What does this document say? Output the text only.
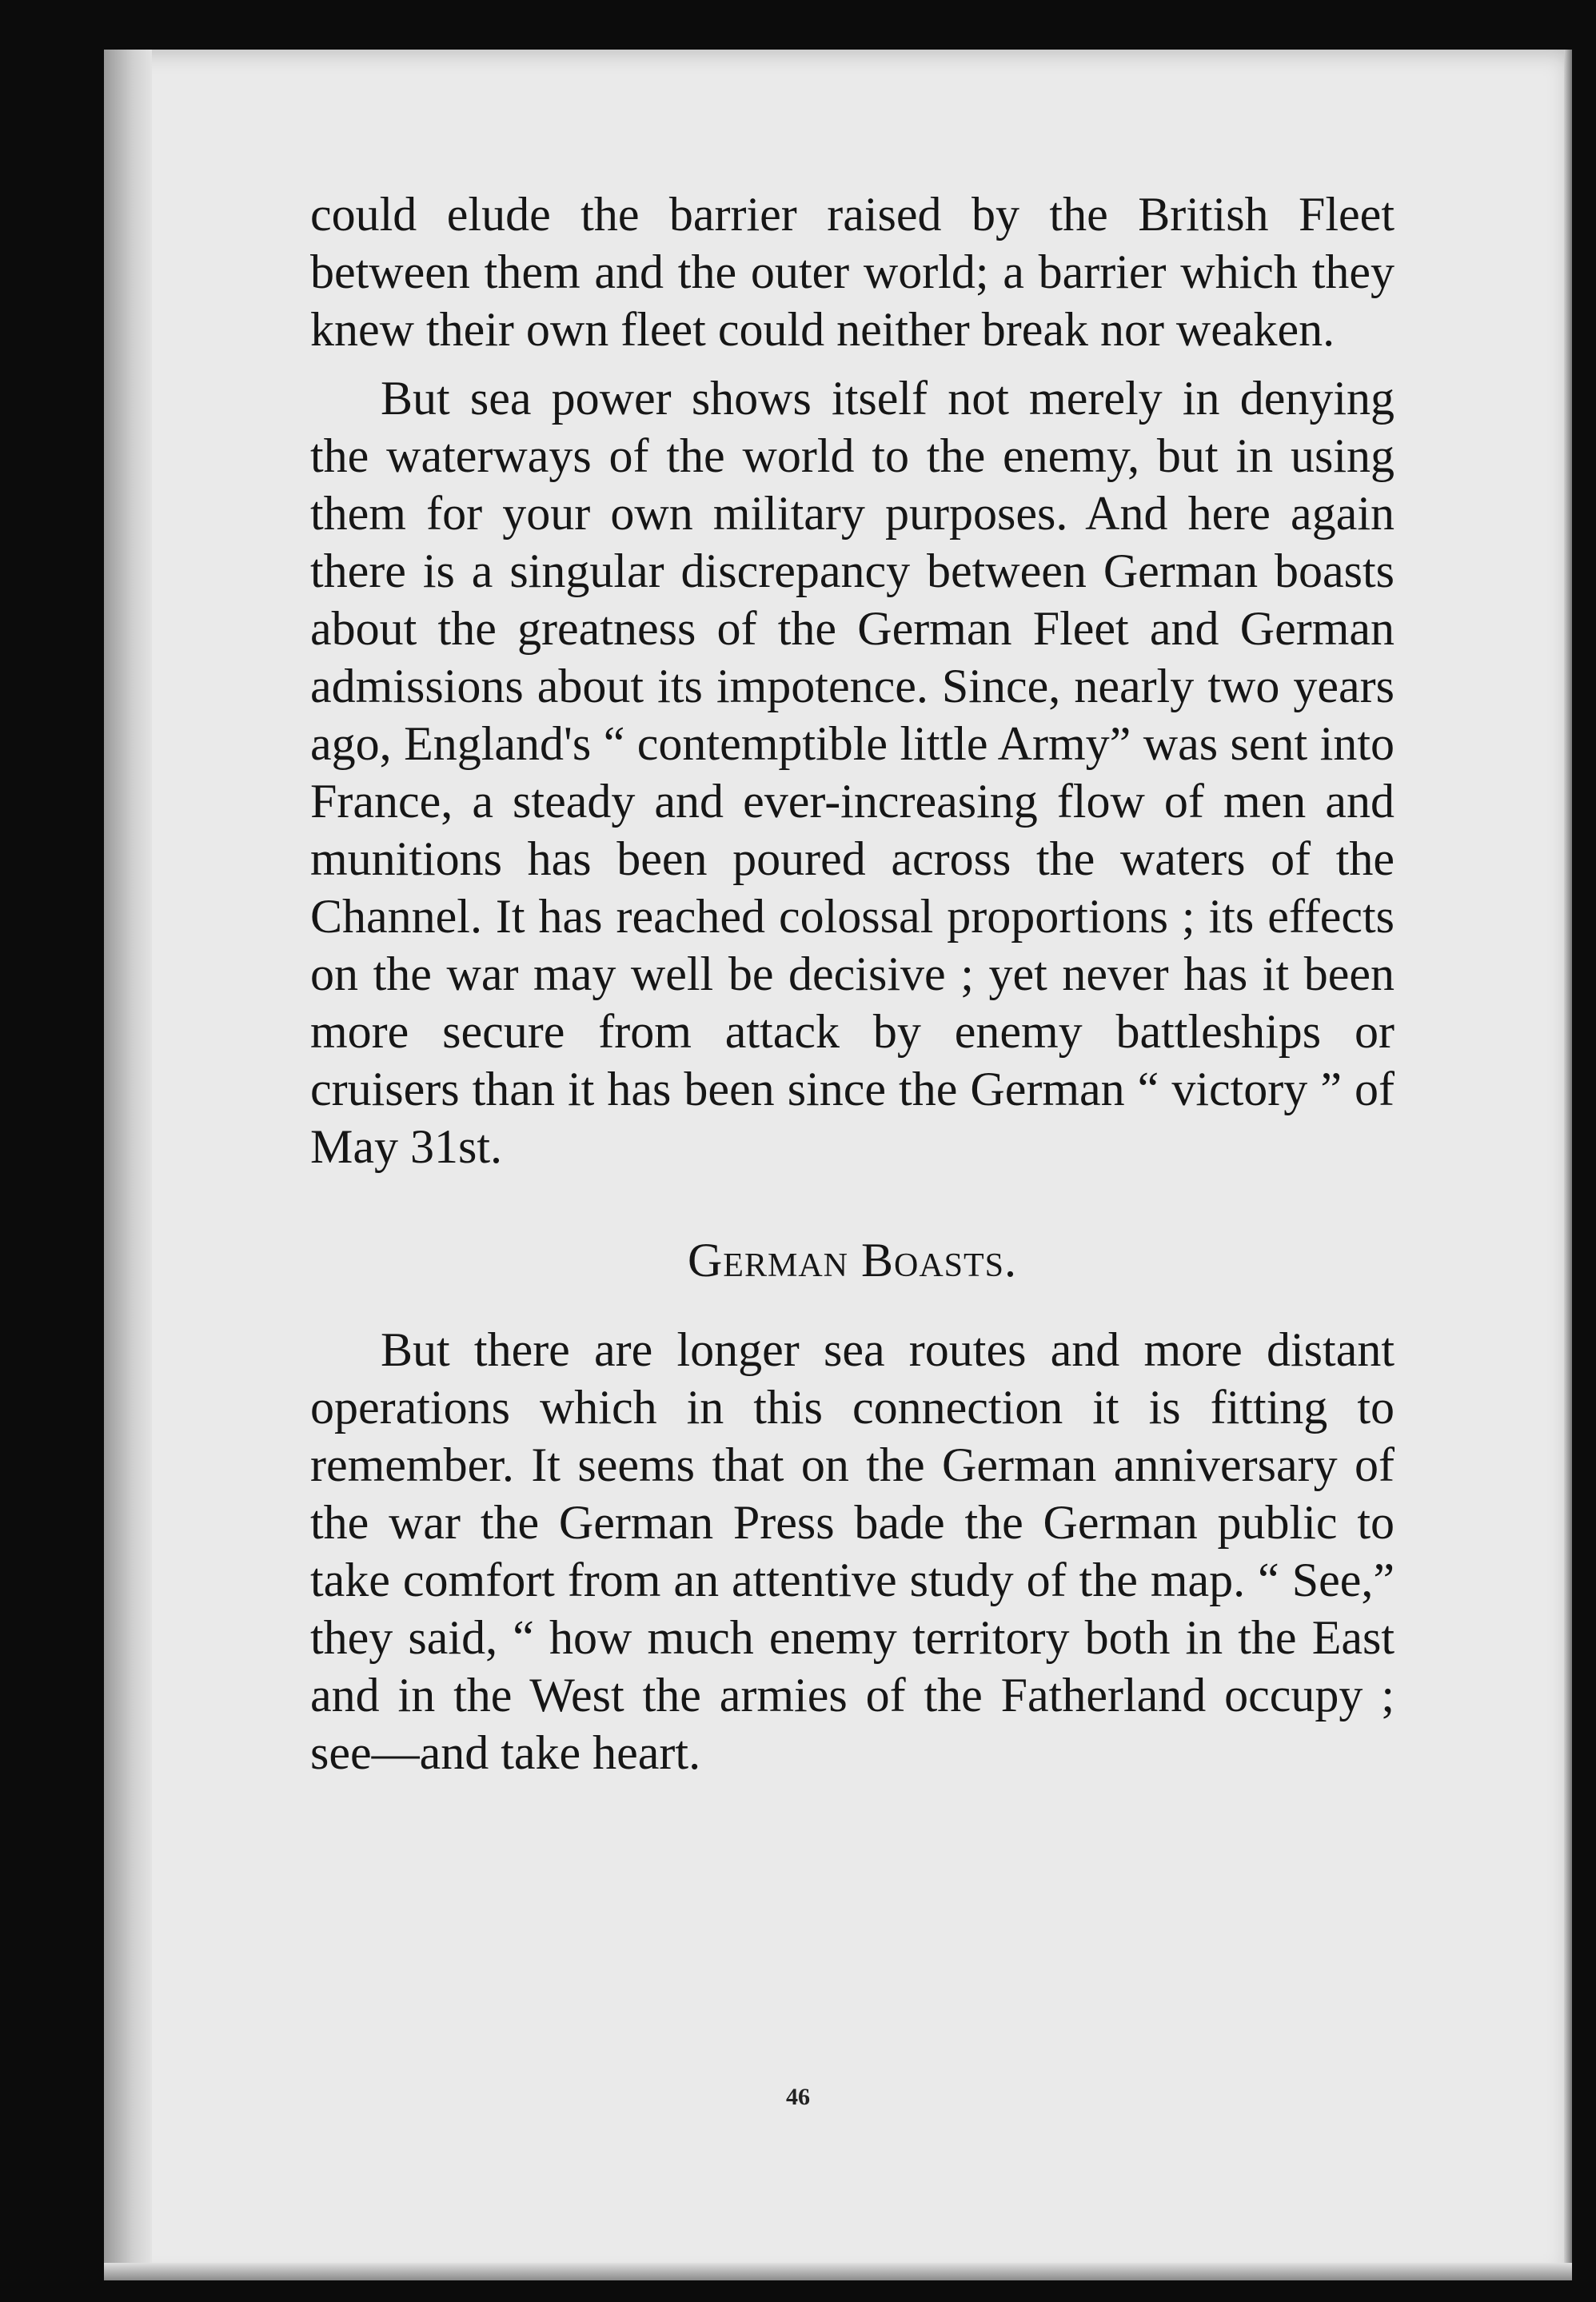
could elude the barrier raised by the British Fleet between them and the outer world; a barrier which they knew their own fleet could neither break nor weaken.

But sea power shows itself not merely in denying the waterways of the world to the enemy, but in using them for your own military purposes. And here again there is a singular discrepancy between German boasts about the greatness of the German Fleet and German admissions about its impotence. Since, nearly two years ago, England's “ contemptible little Army” was sent into France, a steady and ever-increasing flow of men and munitions has been poured across the waters of the Channel. It has reached colossal proportions ; its effects on the war may well be decisive ; yet never has it been more secure from attack by enemy battleships or cruisers than it has been since the German “ victory ” of May 31st.

German Boasts.

But there are longer sea routes and more distant operations which in this connection it is fitting to remember. It seems that on the German anniversary of the war the German Press bade the German public to take comfort from an attentive study of the map. “ See,” they said, “ how much enemy territory both in the East and in the West the armies of the Fatherland occupy ; see—and take heart.

46
